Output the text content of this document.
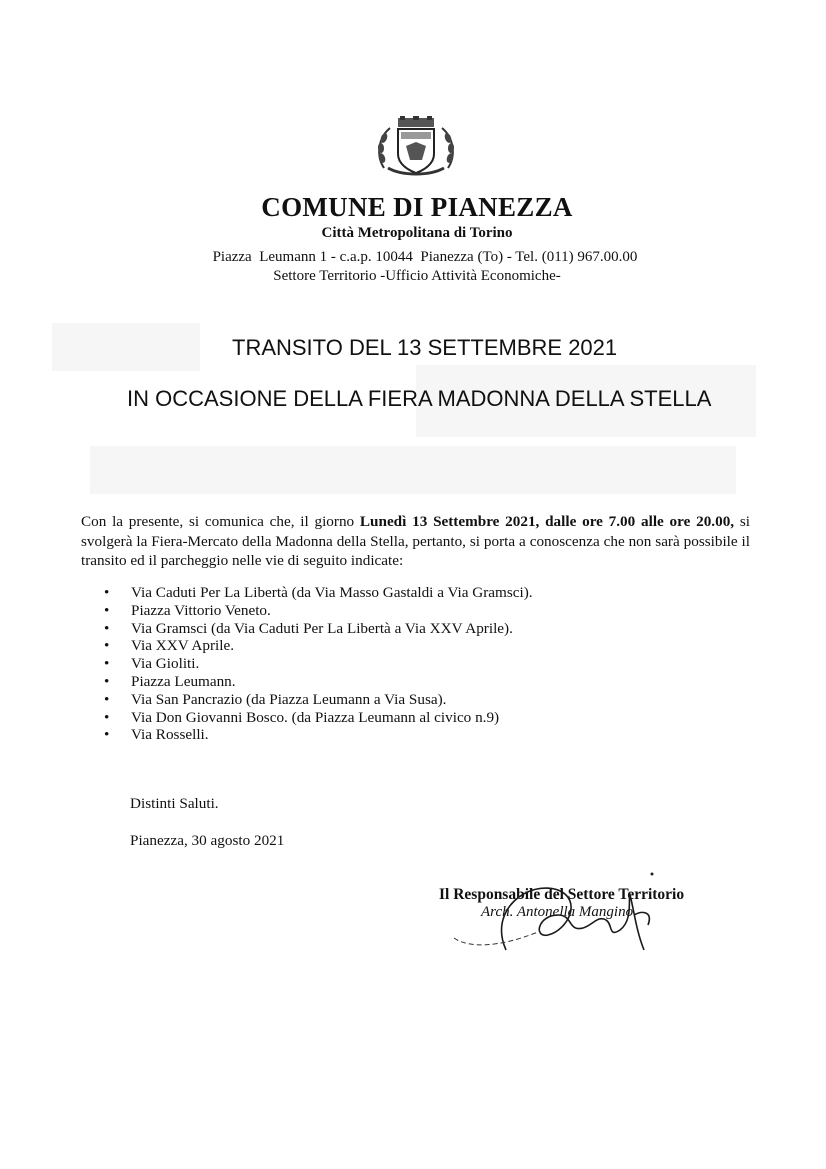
COMUNE DI PIANEZZA
Città Metropolitana di Torino
Piazza  Leumann 1 - c.a.p. 10044  Pianezza (To) - Tel. (011) 967.00.00
Settore Territorio -Ufficio Attività Economiche-
TRANSITO DEL 13 SETTEMBRE 2021
IN OCCASIONE DELLA FIERA MADONNA DELLA STELLA
Con la presente, si comunica che, il giorno Lunedì 13 Settembre 2021, dalle ore 7.00 alle ore 20.00, si svolgerà la Fiera-Mercato della Madonna della Stella, pertanto, si porta a conoscenza che non sarà possibile il transito ed il parcheggio nelle vie di seguito indicate:
• Via Caduti Per La Libertà (da Via Masso Gastaldi a Via Gramsci).
• Piazza Vittorio Veneto.
• Via Gramsci (da Via Caduti Per La Libertà a Via XXV Aprile).
• Via XXV Aprile.
• Via Gioliti.
• Piazza Leumann.
• Via San Pancrazio (da Piazza Leumann a Via Susa).
• Via Don Giovanni Bosco. (da Piazza Leumann al civico n.9)
• Via Rosselli.
Distinti Saluti.
Pianezza, 30 agosto 2021
Il Responsabile del Settore Territorio
Arch. Antonella Mangino
